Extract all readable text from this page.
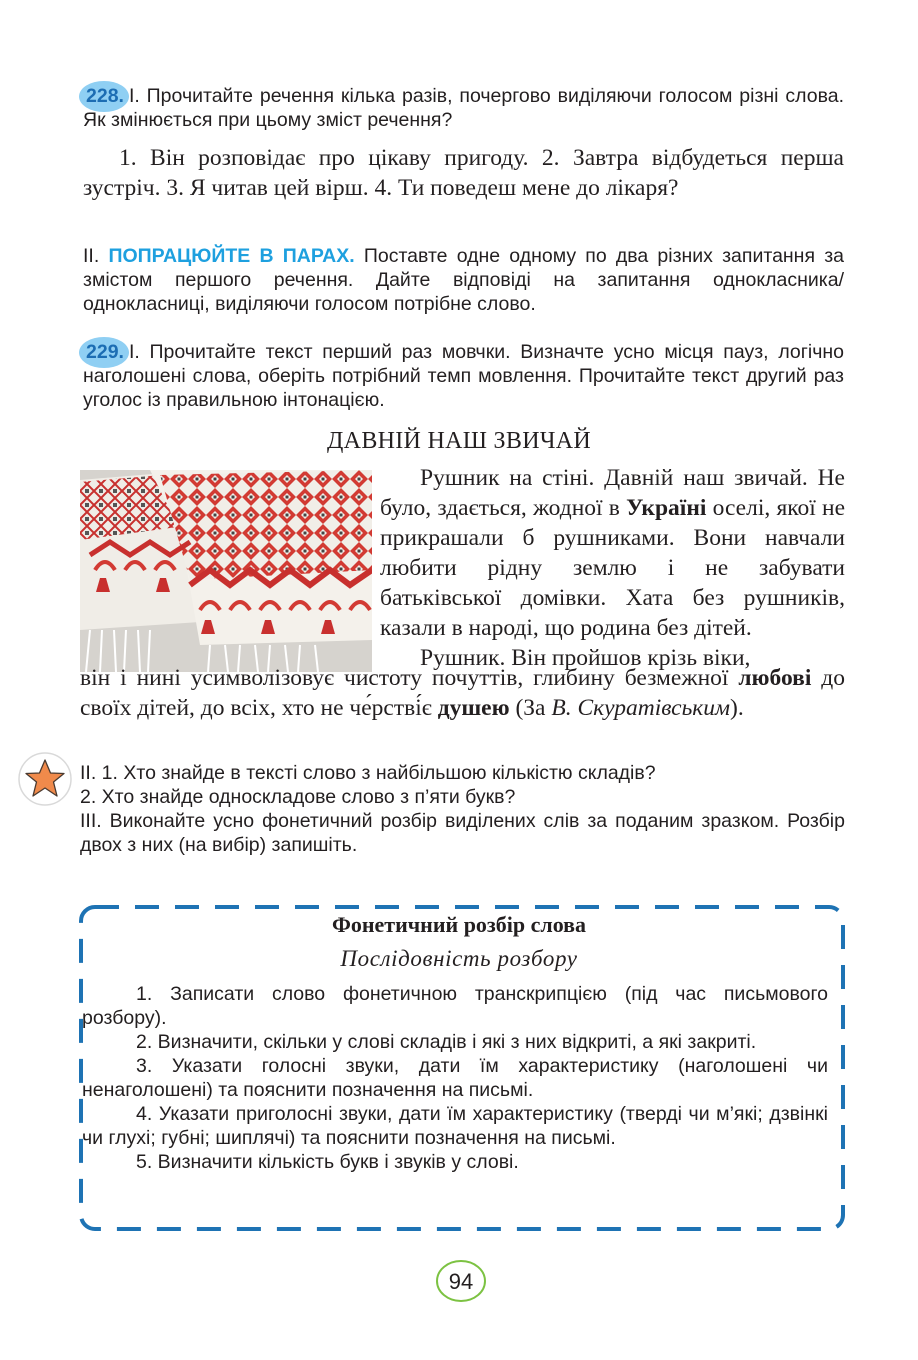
228. І. Прочитайте речення кілька разів, почергово виділяючи голосом різні слова. Як змінюється при цьому зміст речення?
1. Він розповідає про цікаву пригоду. 2. Завтра відбудеться перша зустріч. 3. Я читав цей вірш. 4. Ти поведеш мене до лікаря?
ІІ. ПОПРАЦЮЙТЕ В ПАРАХ. Поставте одне одному по два різних запитання за змістом першого речення. Дайте відповіді на запитання однокласника/однокласниці, виділяючи голосом потрібне слово.
229. І. Прочитайте текст перший раз мовчки. Визначте усно місця пауз, логічно наголошені слова, оберіть потрібний темп мовлення. Прочитайте текст другий раз уголос із правильною інтонацією.
ДАВНІЙ НАШ ЗВИЧАЙ

Рушник на стіні. Давній наш звичай. Не було, здається, жодної в Україні оселі, якої не прикрашали б рушниками. Вони навчали любити рідну землю і не забувати батьківської домівки. Хата без рушників, казали в народі, що родина без дітей.

Рушник. Він пройшов крізь віки,

він і нині усимволізовує чистоту почуттів, глибину безмежної любові до своїх дітей, до всіх, хто не че́рстві́є душею (За В. Скуратівським).

ІІ. 1. Хто знайде в тексті слово з найбільшою кількістю складів?
2. Хто знайде односкладове слово з п’яти букв?
ІІІ. Виконайте усно фонетичний розбір виділених слів за поданим зразком. Розбір двох з них (на вибір) запишіть.
Фонетичний розбір слова
Послідовність розбору
1. Записати слово фонетичною транскрипцією (під час письмового розбору).
2. Визначити, скільки у слові складів і які з них відкриті, а які закриті.
3. Указати голосні звуки, дати їм характеристику (наголошені чи ненаголошені) та пояснити позначення на письмі.
4. Указати приголосні звуки, дати їм характеристику (тверді чи м’які; дзвінкі чи глухі; губні; шиплячі) та пояснити позначення на письмі.
5. Визначити кількість букв і звуків у слові.
94
